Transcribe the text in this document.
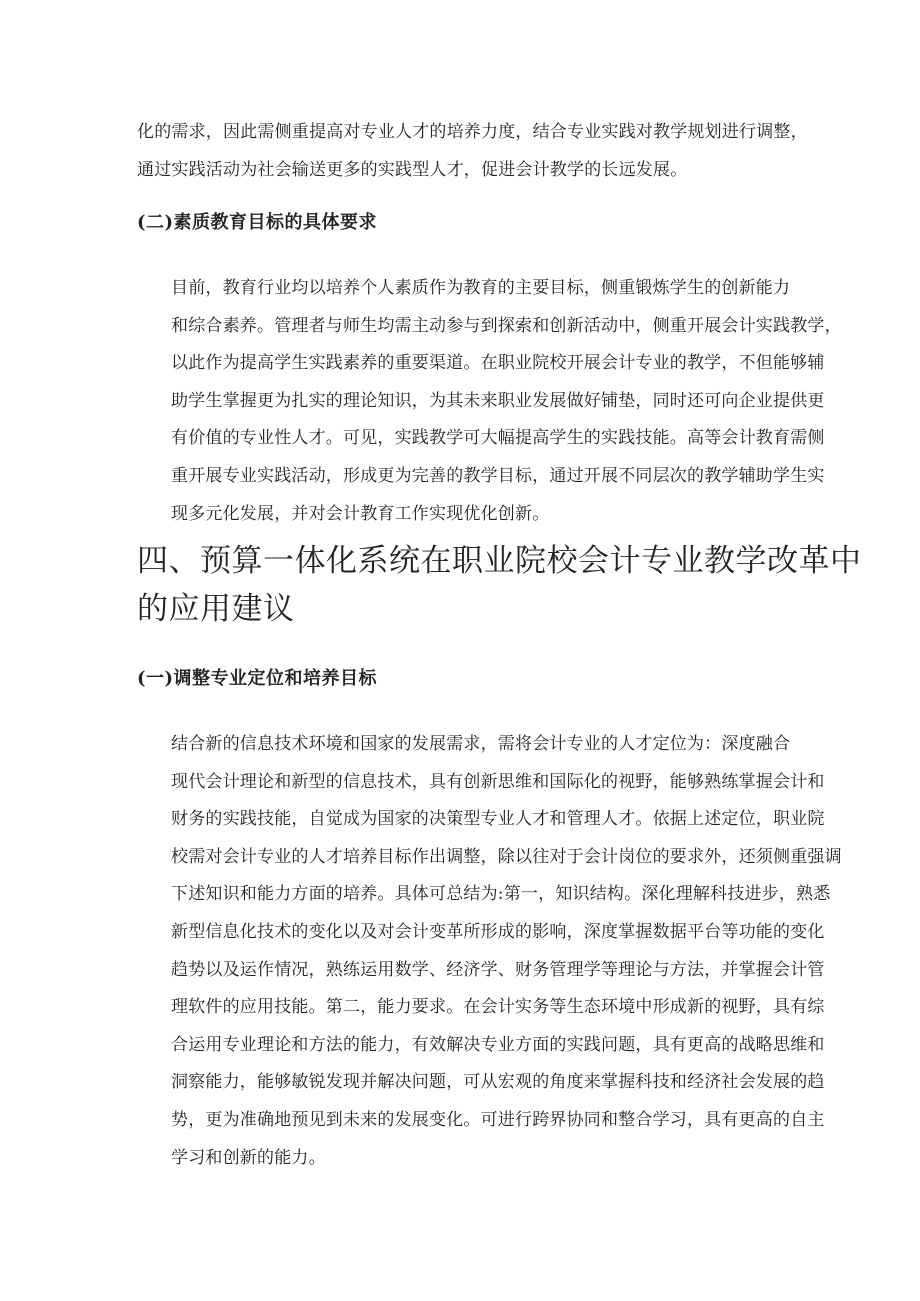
化的需求，因此需侧重提高对专业人才的培养力度，结合专业实践对教学规划进行调整，
通过实践活动为社会输送更多的实践型人才，促进会计教学的长远发展。
(二)素质教育目标的具体要求
目前，教育行业均以培养个人素质作为教育的主要目标，侧重锻炼学生的创新能力
和综合素养。管理者与师生均需主动参与到探索和创新活动中，侧重开展会计实践教学，
以此作为提高学生实践素养的重要渠道。在职业院校开展会计专业的教学，不但能够辅
助学生掌握更为扎实的理论知识，为其未来职业发展做好铺垫，同时还可向企业提供更
有价值的专业性人才。可见，实践教学可大幅提高学生的实践技能。高等会计教育需侧
重开展专业实践活动，形成更为完善的教学目标，通过开展不同层次的教学辅助学生实
现多元化发展，并对会计教育工作实现优化创新。
四、预算一体化系统在职业院校会计专业教学改革中
的应用建议
(一)调整专业定位和培养目标
结合新的信息技术环境和国家的发展需求，需将会计专业的人才定位为：深度融合
现代会计理论和新型的信息技术，具有创新思维和国际化的视野，能够熟练掌握会计和
财务的实践技能，自觉成为国家的决策型专业人才和管理人才。依据上述定位，职业院
校需对会计专业的人才培养目标作出调整，除以往对于会计岗位的要求外，还须侧重强调
下述知识和能力方面的培养。具体可总结为:第一，知识结构。深化理解科技进步，熟悉
新型信息化技术的变化以及对会计变革所形成的影响，深度掌握数据平台等功能的变化
趋势以及运作情况，熟练运用数学、经济学、财务管理学等理论与方法，并掌握会计管
理软件的应用技能。第二，能力要求。在会计实务等生态环境中形成新的视野，具有综
合运用专业理论和方法的能力，有效解决专业方面的实践问题，具有更高的战略思维和
洞察能力，能够敏锐发现并解决问题，可从宏观的角度来掌握科技和经济社会发展的趋
势，更为准确地预见到未来的发展变化。可进行跨界协同和整合学习，具有更高的自主
学习和创新的能力。
